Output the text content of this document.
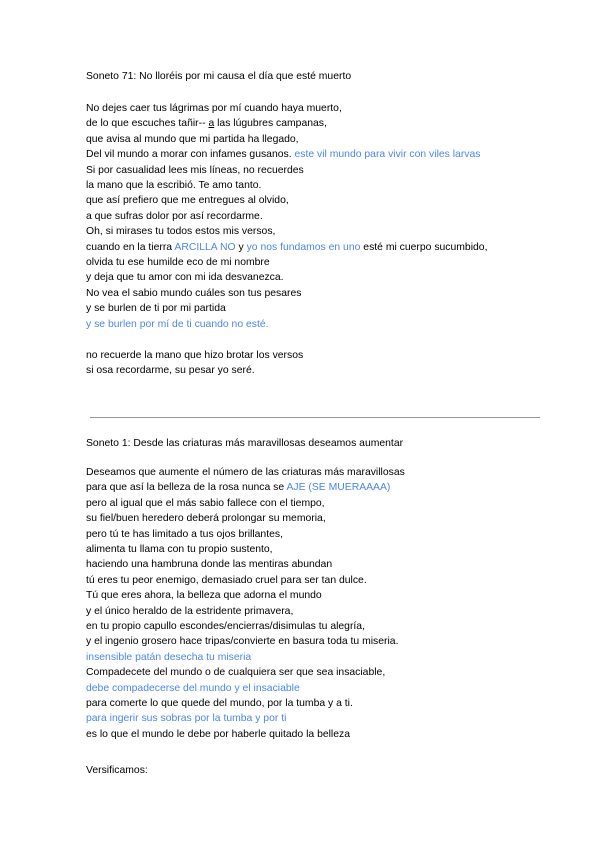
Soneto 71: No lloréis por mi causa el día que esté muerto
No dejes caer tus lágrimas por mí cuando haya muerto,
de lo que escuches tañir-- a las lúgubres campanas,
que avisa al mundo que mi partida ha llegado,
Del vil mundo a morar con infames gusanos. este vil mundo para vivir con viles larvas
Si por casualidad lees mis líneas, no recuerdes
la mano que la escribió. Te amo tanto.
que así prefiero que me entregues al olvido,
a que sufras dolor por así recordarme.
Oh, si mirases tu todos estos mis versos,
cuando en la tierra ARCILLA NO y yo nos fundamos en uno esté mi cuerpo sucumbido,
olvida tu ese humilde eco de mi nombre
y deja que tu amor con mi ida desvanezca.
No vea el sabio mundo cuáles son tus pesares
y se burlen de ti por mi partida
y se burlen por mí de ti cuando no esté.
no recuerde la mano que hizo brotar los versos
si osa recordarme, su pesar yo seré.
Soneto 1: Desde las criaturas más maravillosas deseamos aumentar
Deseamos que aumente el número de las criaturas más maravillosas
para que así la belleza de la rosa nunca se AJE (SE MUERAAAA)
pero al igual que el más sabio fallece con el tiempo,
su fiel/buen heredero deberá prolongar su memoria,
pero tú te has limitado a tus ojos brillantes,
alimenta tu llama con tu propio sustento,
haciendo una hambruna donde las mentiras abundan
tú eres tu peor enemigo, demasiado cruel para ser tan dulce.
Tú que eres ahora, la belleza que adorna el mundo
y el único heraldo de la estridente primavera,
en tu propio capullo escondes/encierras/disimulas tu alegría,
y el ingenio grosero hace tripas/convierte en basura toda tu miseria.
insensible patán desecha tu miseria
Compadecete del mundo o de cualquiera ser que sea insaciable,
debe compadecerse del mundo y el insaciable
para comerte lo que quede del mundo, por la tumba y a ti.
para ingerir sus sobras por la tumba y por ti
es lo que el mundo le debe por haberle quitado la belleza
Versificamos:
